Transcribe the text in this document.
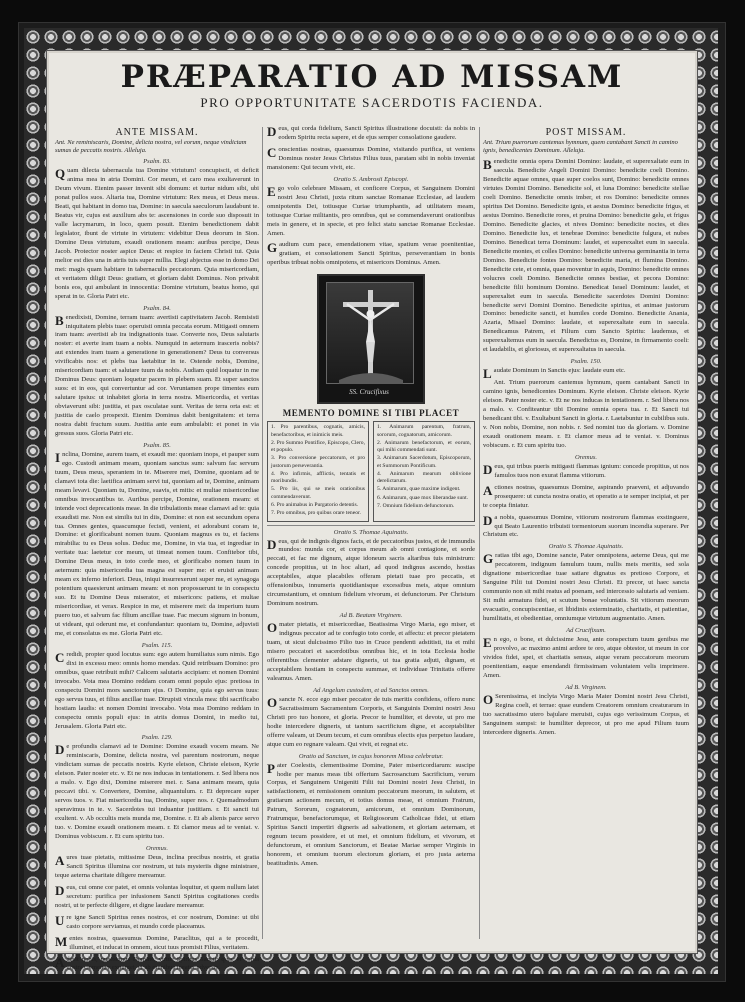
PRÆPARATIO AD MISSAM
PRO OPPORTUNITATE SACERDOTIS FACIENDA.
ANTE MISSAM.
Ant. Ne reminiscaris, Domine, delicta nostra, vel eorum, neque vindictam sumas de peccatis nostris. Alleluja.
Psalm. 83.

Quam dilecta tabernacula tua Domine virtutum! concupiscit, et deficit anima mea in atria Domini. Cor meum, et caro mea exultaverunt in Deum vivum. Etenim passer invenit sibi domum: et turtur nidum sibi, ubi ponat pullos suos. Altaria tua, Domine virtutum: Rex meus, et Deus meus. Beati, qui habitant in domo tua, Domine: in saecula saeculorum laudabunt te. Beatus vir, cujus est auxilium abs te: ascensiones in corde suo disposuit in valle lacrymarum, in loco, quem posuit. Etenim benedictionem dabit legislator, ibunt de virtute in virtutem: videbitur Deus deorum in Sion. Domine Deus virtutum, exaudi orationem meam: auribus percipe, Deus Jacob. Protector noster aspice Deus: et respice in faciem Christi tui. Quia melior est dies una in atriis tuis super millia. Elegi abjectus esse in domo Dei mei: magis quam habitare in tabernaculis peccatorum. Quia misericordiam, et veritatem diligit Deus: gratiam, et gloriam dabit Dominus. Non privabit bonis eos, qui ambulant in innocentia: Domine virtutum, beatus homo, qui sperat in te. Gloria Patri etc.

Psalm. 84.

Benedixisti, Domine, terram tuam: avertisti captivitatem Jacob. Remisisti iniquitatem plebis tuae: operuisti omnia peccata eorum. Mitigasti omnem iram tuam: avertisti ab ira indignationis tuae. Converte nos, Deus salutaris noster: et averte iram tuam a nobis. Numquid in aeternum irasceris nobis? aut extendes iram tuam a generatione in generationem? Deus tu conversus vivificabis nos: et plebs tua laetabitur in te. Ostende nobis, Domine, misericordiam tuam: et salutare tuum da nobis. Audiam quid loquatur in me Dominus Deus: quoniam loquetur pacem in plebem suam. Et super sanctos suos: et in eos, qui convertuntur ad cor. Veruntamen prope timentes eum salutare ipsius: ut inhabitet gloria in terra nostra. Misericordia, et veritas obviaverunt sibi: justitia, et pax osculatae sunt. Veritas de terra orta est: et justitia de caelo prospexit. Etenim Dominus dabit benignitatem: et terra nostra dabit fructum suum. Justitia ante eum ambulabit: et ponet in via gressus suos. Gloria Patri etc.

Psalm. 85.

Inclina, Domine, aurem tuam, et exaudi me: quoniam inops, et pauper sum ego. Custodi animam meam, quoniam sanctus sum: salvum fac servum tuum, Deus meus, sperantem in te. Miserere mei, Domine, quoniam ad te clamavi tota die: laetifica animam servi tui, quoniam ad te, Domine, animam meam levavi. Quoniam tu, Domine, suavis, et mitis: et multae misericordiae omnibus invocantibus te. Auribus percipe, Domine, orationem meam: et intende voci deprecationis meae. In die tribulationis meae clamavi ad te: quia exaudisti me. Non est similis tui in diis, Domine: et non est secundum opera tua. Omnes gentes, quascumque fecisti, venient, et adorabunt coram te, Domine: et glorificabunt nomen tuum. Quoniam magnus es tu, et faciens mirabilia: tu es Deus solus. Deduc me, Domine, in via tua, et ingrediar in veritate tua: laetetur cor meum, ut timeat nomen tuum. Confitebor tibi, Domine Deus meus, in toto corde meo, et glorificabo nomen tuum in aeternum: quia misericordia tua magna est super me: et eruisti animam meam ex inferno inferiori. Deus, iniqui insurrexerunt super me, et synagoga potentium quaesierunt animam meam: et non proposuerunt te in conspectu suo. Et tu Domine Deus miserator, et misericors: patiens, et multae misericordiae, et verax. Respice in me, et miserere mei: da imperium tuum puero tuo, et salvum fac filium ancillae tuae. Fac mecum signum in bonum, ut videant, qui oderunt me, et confundantur: quoniam tu, Domine, adjuvisti me, et consolatus es me. Gloria Patri etc.

Psalm. 115.

Credidi, propter quod locutus sum: ego autem humiliatus sum nimis. Ego dixi in excessu meo: omnis homo mendax. Quid retribuam Domino: pro omnibus, quae retribuit mihi? Calicem salutaris accipiam: et nomen Domini invocabo. Vota mea Domino reddam coram omni populo ejus: pretiosa in conspectu Domini mors sanctorum ejus. O Domine, quia ego servus tuus: ego servus tuus, et filius ancillae tuae. Dirupisti vincula mea: tibi sacrificabo hostiam laudis: et nomen Domini invocabo. Vota mea Domino reddam in conspectu omnis populi ejus: in atriis domus Domini, in medio tui, Jerusalem. Gloria Patri etc.

Psalm. 129.

De profundis clamavi ad te Domine: Domine exaudi vocem meam. Ne reminiscaris, Domine, delicta nostra, vel parentum nostrorum, neque vindictam sumas de peccatis nostris. Kyrie eleison, Christe eleison, Kyrie eleison. Pater noster etc. v. Et ne nos inducas in tentationem. r. Sed libera nos a malo. v. Ego dixi, Domine miserere mei. r. Sana animam meam, quia peccavi tibi. v. Convertere, Domine, aliquantulum. r. Et deprecare super servos tuos. v. Fiat misericordia tua, Domine, super nos. r. Quemadmodum speravimus in te. v. Sacerdotes tui induantur justitiam. r. Et sancti tui exultent. v. Ab occultis meis munda me, Domine. r. Et ab alienis parce servo tuo. v. Domine exaudi orationem meam. r. Et clamor meus ad te veniat. v. Dominus vobiscum. r. Et cum spiritu tuo.

Oremus.

Aures tuae pietatis, mitissime Deus, inclina precibus nostris, et gratia Sancti Spiritus illumina cor nostrum, ut tuis mysteriis digne ministrare, teque aeterna charitate diligere mereamur.

Deus, cui omne cor patet, et omnis voluntas loquitur, et quem nullum latet secretum: purifica per infusionem Sancti Spiritus cogitationes cordis nostri, ut te perfecte diligere, et digne laudare mereamur.

Ure igne Sancti Spiritus renes nostros, et cor nostrum, Domine: ut tibi casto corpore serviamus, et mundo corde placeamus.

Mentes nostras, quaesumus Domine, Paraclitus, qui a te procedit, illuminet, et inducat in omnem, sicut tuus promisit Filius, veritatem.

Adesit nobis, quaesumus Domine, virtus Spiritus Sancti: quae et corda nostra clementer expurget, et ab omnibus tueatur adversis.

Deus, qui corda fidelium, Sancti Spiritus illustratione docuisti: da nobis in eodem Spiritu recta sapere, et de ejus semper consolatione gaudere.

Conscientias nostras, quaesumus Domine, visitando purifica, ut veniens Dominus noster Jesus Christus Filius tuus, paratam sibi in nobis inveniat mansionem: Qui tecum vivit, etc.

Oratio S. Ambrosii Episcopi.

Ego volo celebrare Missam, et conficere Corpus, et Sanguinem Domini nostri Jesu Christi, juxta ritum sanctae Romanae Ecclesiae, ad laudem omnipotentis Dei, totiusque Curiae triumphantis, ad utilitatem meam, totiusque Curiae militantis, pro omnibus, qui se commendaverunt orationibus meis in genere, et in specie, et pro felici statu sanctae Romanae Ecclesiae. Amen.

Gaudium cum pace, emendationem vitae, spatium verae poenitentiae, gratiam, et consolationem Sancti Spiritus, perseverantiam in bonis operibus tribuat nobis omnipotens, et misericors Dominus. Amen.

SS. Crucifixus
MEMENTO DOMINE SI TIBI PLACET

1. Pro parentibus, cognatis, amicis, benefactoribus, et inimicis meis.

2. Pro Summo Pontifice, Episcopo, Clero, et populo.

3. Pro conversione peccatorum, et pro justorum perseverantia.

4. Pro infirmis, afflictis, tentatis et moribundis.

5. Pro iis, qui se meis orationibus commendaverunt.

6. Pro animabus in Purgatorio detentis.

7. Pro omnibus, pro quibus orare teneor.

1. Animarum parentum, fratrum, sororum, cognatorum, amicorum.

2. Animarum benefactorum, et eorum, qui mihi commendati sunt.

3. Animarum Sacerdotum, Episcoporum, et Summorum Pontificum.

4. Animarum mearum oblivione derelictarum.

5. Animarum, quae maxime indigent.

6. Animarum, quae mox liberandae sunt.

7. Omnium fidelium defunctorum.

Oratio S. Thomae Aquinatis.

Deus, qui de indignis dignos facis, et de peccatoribus justos, et de immundis mundos: munda cor, et corpus meum ab omni contagione, et sorde peccati, et fac me dignum, atque idoneum sacris altaribus tuis ministrum: concede propitius, ut in hoc altari, ad quod indignus ascendo, hostias acceptabiles, atque placabiles offeram pietati tuae pro peccatis, et offensionibus, innumeris quotidianisque excessibus meis, atque omnium circumstantium, et omnium fidelium vivorum, et defunctorum. Per Christum Dominum nostrum.

Ad B. Beatam Virginem.

Omater pietatis, et misericordiae, Beatissima Virgo Maria, ego miser, et indignus peccator ad te confugio toto corde, et affectu: et precor pietatem tuam, ut sicut dulcissimo Filio tuo in Cruce pendenti adstitisti, ita et mihi misero peccatori et sacerdotibus omnibus hic, et in tota Ecclesia hodie offerentibus clementer adstare digneris, ut tua gratia adjuti, dignam, et acceptabilem hostiam in conspectu summae, et individuae Trinitatis offerre valeamus. Amen.

Ad Angelum custodem, et ad Sanctos omnes.

Osancte N. ecce ego miser peccator de tuis meritis confidens, offero nunc Sacratissimum Sacramentum Corporis, et Sanguinis Domini nostri Jesu Christi pro tuo honore, et gloria. Precor te humiliter, et devote, ut pro me hodie intercedere digneris, ut tantum sacrificium digne, et acceptabiliter offerre valeam, ut Deum tecum, et cum omnibus electis ejus perpetuo laudare, atque cum eo regnare valeam. Qui vivit, et regnat etc.

Oratio ad Sanctum, in cujus honorem Missa celebratur.

Pater Coelestis, clementissime Domine, Pater misericordiarum: suscipe hodie per manus meas tibi offertum Sacrosanctum Sacrificium, verum Corpus, et Sanguinem Unigeniti Filii tui Domini nostri Jesu Christi, in satisfactionem, et remissionem omnium peccatorum meorum, in salutem, et gratiarum actionem mecum, et totius domus meae, et omnium Fratrum, Patrum, Sororum, cognatorum, amicorum, et omnium Dominorum, Fratrumque, benefactorumque, et Religiosorum Catholicae fidei, ut etiam Spiritus Sancti impertiri digneris ad salvationem, et gloriam aeternam, et regnum tecum possidere, et ut mei, et omnium fidelium, et vivorum, et defunctorum, et omnium Sanctorum, et Beatae Mariae semper Virginis in honorem, et omnium tuorum electorum gloriam, et pro justa aeterna beatitudinis. Amen.

POST MISSAM.
Ant. Trium puerorum cantemus hymnum, quem cantabant Sancti in camino ignis, benedicentes Dominum. Alleluja.

Benedicite omnia opera Domini Domino: laudate, et superexaltate eum in saecula. Benedicite Angeli Domini Domino: benedicite coeli Domino. Benedicite aquae omnes, quae super coelos sunt, Domino: benedicite omnes virtutes Domini Domino. Benedicite sol, et luna Domino: benedicite stellae coeli Domino. Benedicite omnis imber, et ros Domino: benedicite omnes spiritus Dei Domino. Benedicite ignis, et aestus Domino: benedicite frigus, et aestus Domino. Benedicite rores, et pruina Domino: benedicite gelu, et frigus Domino. Benedicite glacies, et nives Domino: benedicite noctes, et dies Domino. Benedicite lux, et tenebrae Domino: benedicite fulgura, et nubes Domino. Benedicat terra Dominum: laudet, et superexaltet eum in saecula. Benedicite montes, et colles Domino: benedicite universa germinantia in terra Domino. Benedicite fontes Domino: benedicite maria, et flumina Domino. Benedicite cete, et omnia, quae moventur in aquis, Domino: benedicite omnes volucres coeli Domino. Benedicite omnes bestiae, et pecora Domino: benedicite filii hominum Domino. Benedicat Israel Dominum: laudet, et superexaltet eum in saecula. Benedicite sacerdotes Domini Domino: benedicite servi Domini Domino. Benedicite spiritus, et animae justorum Domino: benedicite sancti, et humiles corde Domino. Benedicite Anania, Azaria, Misael Domino: laudate, et superexaltate eum in saecula. Benedicamus Patrem, et Filium cum Sancto Spiritu: laudemus, et superexaltemus eum in saecula. Benedictus es, Domine, in firmamento coeli: et laudabilis, et gloriosus, et superexaltatus in saecula.

Psalm. 150.

Laudate Dominum in Sanctis ejus: laudate eum etc.

Ant. Trium puerorum cantemus hymnum, quem cantabant Sancti in camino ignis, benedicentes Dominum. Kyrie eleison. Christe eleison. Kyrie eleison. Pater noster etc. v. Et ne nos inducas in tentationem. r. Sed libera nos a malo. v. Confiteantur tibi Domine omnia opera tua. r. Et Sancti tui benedicant tibi. v. Exultabunt Sancti in gloria. r. Laetabuntur in cubilibus suis. v. Non nobis, Domine, non nobis. r. Sed nomini tuo da gloriam. v. Domine exaudi orationem meam. r. Et clamor meus ad te veniat. v. Dominus vobiscum. r. Et cum spiritu tuo.

Oremus.

Deus, qui tribus pueris mitigasti flammas ignium: concede propitius, ut nos famulos tuos non exurat flamma vitiorum.

Actiones nostras, quaesumus Domine, aspirando praeveni, et adjuvando prosequere: ut cuncta nostra oratio, et operatio a te semper incipiat, et per te coepta finiatur.

Da nobis, quaesumus Domine, vitiorum nostrorum flammas exstinguere, qui Beato Laurentio tribuisti tormentorum suorum incendia superare. Per Christum etc.

Oratio S. Thomae Aquinatis.

Gratias tibi ago, Domine sancte, Pater omnipotens, aeterne Deus, qui me peccatorem, indignum famulum tuum, nullis meis meritis, sed sola dignatione misericordiae tuae satiare dignatus es pretioso Corpore, et Sanguine Filii tui Domini nostri Jesu Christi. Et precor, ut haec sancta communio non sit mihi reatus ad poenam, sed intercessio salutaris ad veniam. Sit mihi armatura fidei, et scutum bonae voluntatis. Sit vitiorum meorum evacuatio, concupiscentiae, et libidinis exterminatio, charitatis, et patientiae, humilitatis, et obedientiae, omniumque virtutum augmentatio. Amen.

Ad Crucifixum.

En ego, o bone, et dulcissime Jesu, ante conspectum tuum genibus me provolvo, ac maximo animi ardore te oro, atque obtestor, ut meum in cor vividos fidei, spei, et charitatis sensus, atque veram peccatorum meorum poenitentiam, eaque emendandi firmissimam voluntatem velis imprimere. Amen.

Ad B. Virginem.

O Serenissima, et inclyta Virgo Maria Mater Domini nostri Jesu Christi, Regina coeli, et terrae: quae eundem Creatorem omnium creaturarum in tuo sacratissimo utero bajulare meruisti, cujus ego verissimum Corpus, et Sanguinem sumpsi: te humiliter deprecor, ut pro me apud Filium tuum intercedere digneris. Amen.
